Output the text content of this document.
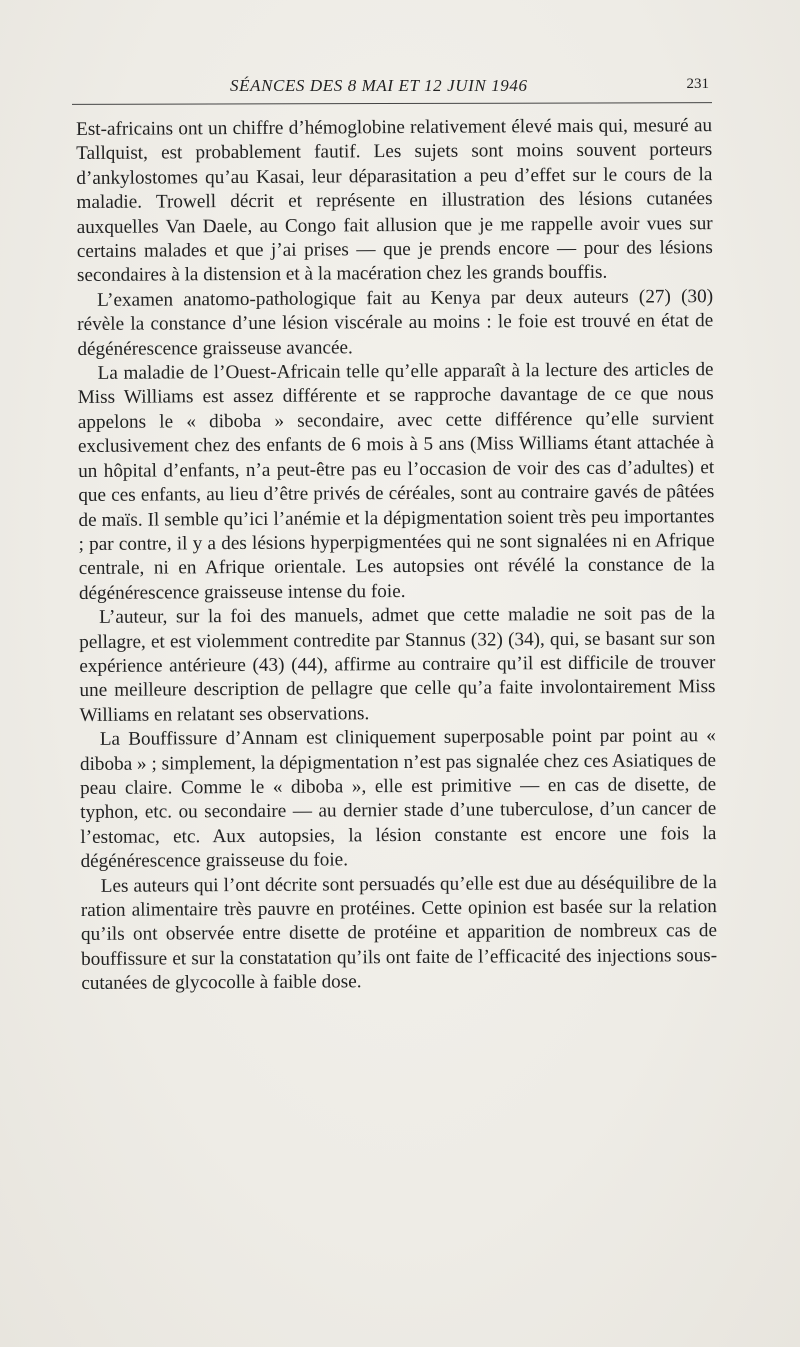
SÉANCES DES 8 MAI ET 12 JUIN 1946	231

Est-africains ont un chiffre d’hémoglobine relativement élevé mais qui, mesuré au Tallquist, est probablement fautif. Les sujets sont moins souvent porteurs d’ankylostomes qu’au Kasai, leur déparasitation a peu d’effet sur le cours de la maladie. Trowell décrit et représente en illustration des lésions cutanées auxquelles Van Daele, au Congo fait allusion que je me rappelle avoir vues sur certains malades et que j’ai prises — que je prends encore — pour des lésions secondaires à la distension et à la macération chez les grands bouffis.

L’examen anatomo-pathologique fait au Kenya par deux auteurs (27) (30) révèle la constance d’une lésion viscérale au moins : le foie est trouvé en état de dégénérescence graisseuse avancée.

La maladie de l’Ouest-Africain telle qu’elle apparaît à la lecture des articles de Miss Williams est assez différente et se rapproche davantage de ce que nous appelons le « diboba » secondaire, avec cette différence qu’elle survient exclusivement chez des enfants de 6 mois à 5 ans (Miss Williams étant attachée à un hôpital d’enfants, n’a peut-être pas eu l’occasion de voir des cas d’adultes) et que ces enfants, au lieu d’être privés de céréales, sont au contraire gavés de pâtées de maïs. Il semble qu’ici l’anémie et la dépigmentation soient très peu importantes ; par contre, il y a des lésions hyperpigmentées qui ne sont signalées ni en Afrique centrale, ni en Afrique orientale. Les autopsies ont révélé la constance de la dégénérescence graisseuse intense du foie.

L’auteur, sur la foi des manuels, admet que cette maladie ne soit pas de la pellagre, et est violemment contredite par Stannus (32) (34), qui, se basant sur son expérience antérieure (43) (44), affirme au contraire qu’il est difficile de trouver une meilleure description de pellagre que celle qu’a faite involontairement Miss Williams en relatant ses observations.

La Bouffissure d’Annam est cliniquement superposable point par point au « diboba » ; simplement, la dépigmentation n’est pas signalée chez ces Asiatiques de peau claire. Comme le « diboba », elle est primitive — en cas de disette, de typhon, etc. ou secondaire — au dernier stade d’une tuberculose, d’un cancer de l’estomac, etc. Aux autopsies, la lésion constante est encore une fois la dégénérescence graisseuse du foie.

Les auteurs qui l’ont décrite sont persuadés qu’elle est due au déséquilibre de la ration alimentaire très pauvre en protéines. Cette opinion est basée sur la relation qu’ils ont observée entre disette de protéine et apparition de nombreux cas de bouffissure et sur la constatation qu’ils ont faite de l’efficacité des injections sous-cutanées de glycocolle à faible dose.
